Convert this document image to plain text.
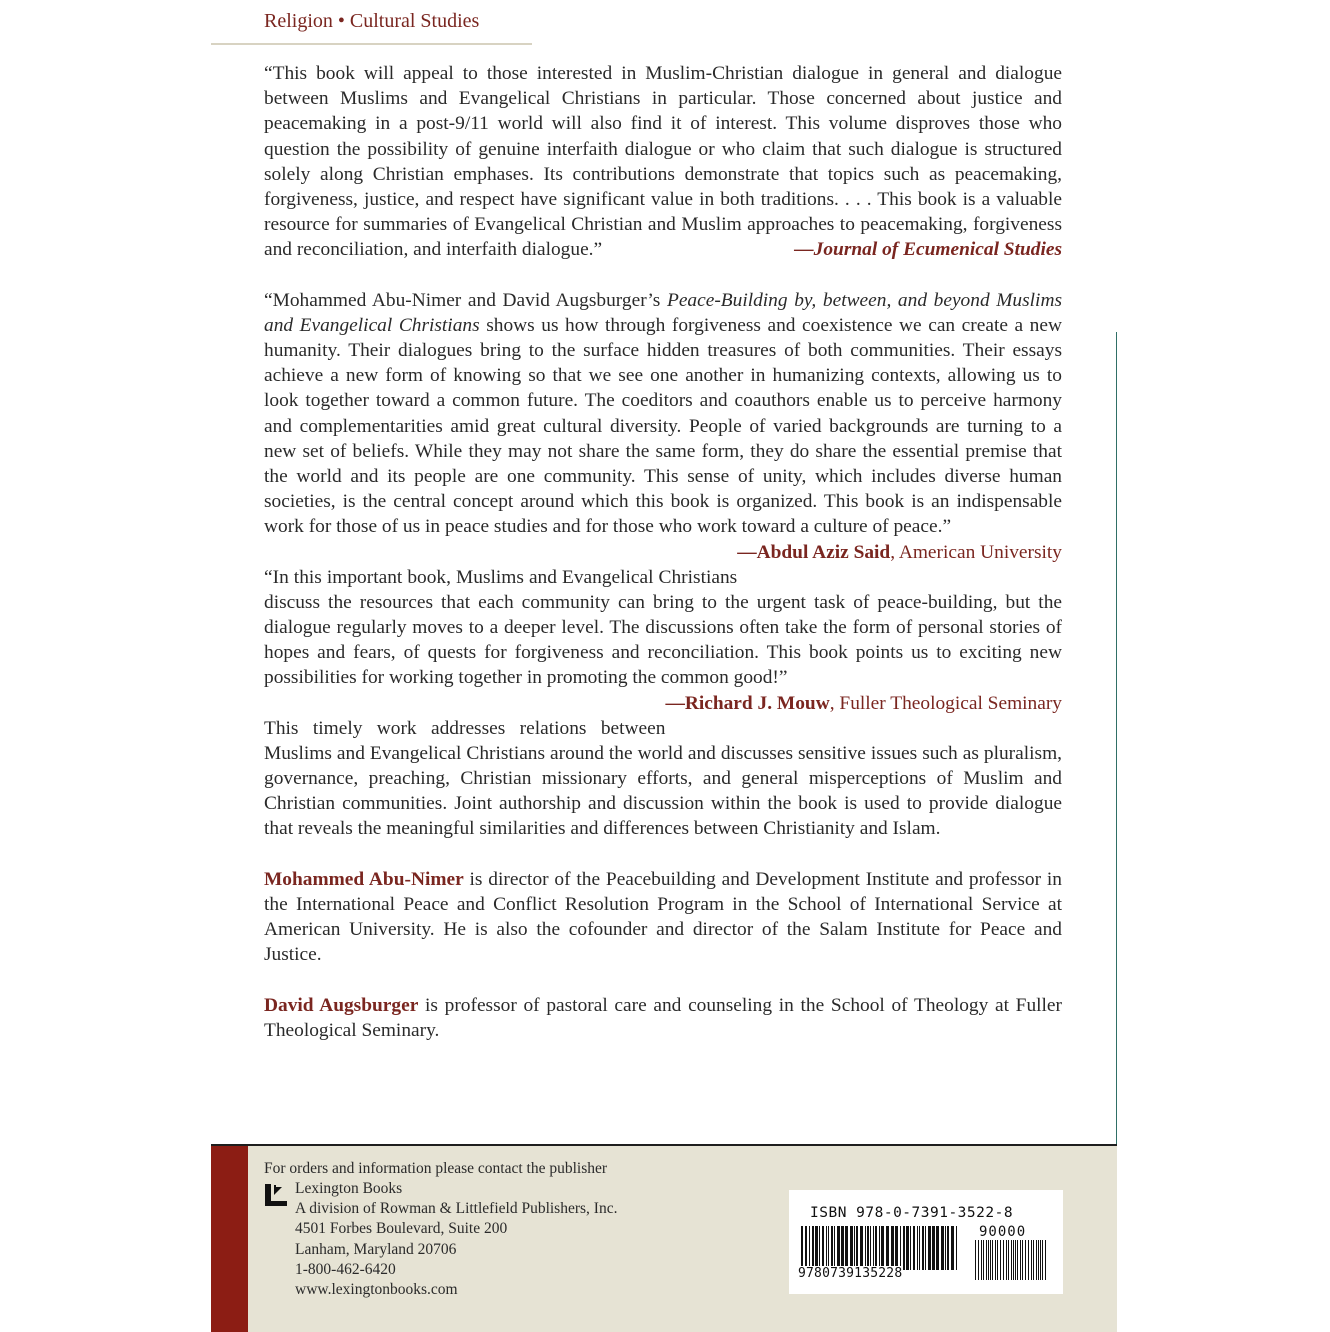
Religion • Cultural Studies

“This book will appeal to those interested in Muslim-Christian dialogue in general and dialogue between Muslims and Evangelical Christians in particular. Those concerned about justice and peacemaking in a post-9/11 world will also find it of interest. This volume disproves those who question the possibility of genuine interfaith dialogue or who claim that such dialogue is structured solely along Christian emphases. Its contributions demonstrate that topics such as peacemaking, forgiveness, justice, and respect have significant value in both traditions. . . . This book is a valuable resource for summaries of Evangelical Christian and Muslim approaches to peacemaking, forgiveness and reconciliation, and interfaith dialogue.”	—Journal of Ecumenical Studies

“Mohammed Abu-Nimer and David Augsburger’s Peace-Building by, between, and beyond Muslims and Evangelical Christians shows us how through forgiveness and coexistence we can create a new humanity. Their dialogues bring to the surface hidden treasures of both communities. Their essays achieve a new form of knowing so that we see one another in humanizing contexts, allowing us to look together toward a common future. The coeditors and coauthors enable us to perceive harmony and complementarities amid great cultural diversity. People of varied backgrounds are turning to a new set of beliefs. While they may not share the same form, they do share the essential premise that the world and its people are one community. This sense of unity, which includes diverse human societies, is the central concept around which this book is organized. This book is an indispensable work for those of us in peace studies and for those who work toward a culture of peace.”
—Abdul Aziz Said, American University

“In this important book, Muslims and Evangelical Christians discuss the resources that each community can bring to the urgent task of peace-building, but the dialogue regularly moves to a deeper level. The discussions often take the form of personal stories of hopes and fears, of quests for forgiveness and reconciliation. This book points us to exciting new possibilities for working together in promoting the common good!”
—Richard J. Mouw, Fuller Theological Seminary

This timely work addresses relations between Muslims and Evangelical Christians around the world and discusses sensitive issues such as pluralism, governance, preaching, Christian missionary efforts, and general misperceptions of Muslim and Christian communities. Joint authorship and discussion within the book is used to provide dialogue that reveals the meaningful similarities and differences between Christianity and Islam.

Mohammed Abu-Nimer is director of the Peacebuilding and Development Institute and professor in the International Peace and Conflict Resolution Program in the School of International Service at American University. He is also the cofounder and director of the Salam Institute for Peace and Justice.

David Augsburger is professor of pastoral care and counseling in the School of Theology at Fuller Theological Seminary.

For orders and information please contact the publisher
Lexington Books
A division of Rowman & Littlefield Publishers, Inc.
4501 Forbes Boulevard, Suite 200
Lanham, Maryland 20706
1-800-462-6420
www.lexingtonbooks.com
ISBN 978-0-7391-3522-8
90000
9780739135228
